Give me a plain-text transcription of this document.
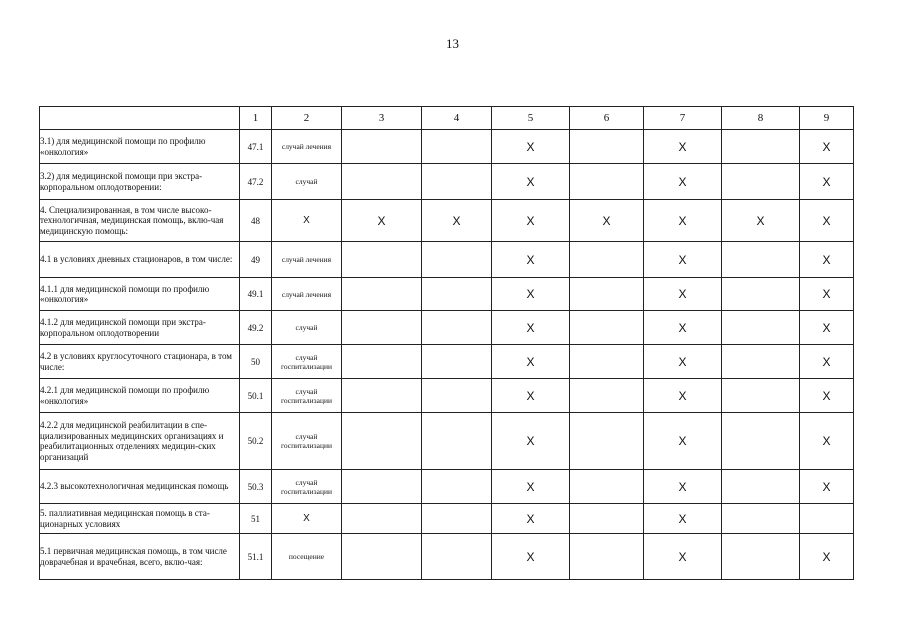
13
	1	2	3	4	5	6	7	8	9
3.1) для медицинской помощи по профилю «онкология»	47.1	случай лечения			X		X		X
3.2) для медицинской помощи при экстра-корпоральном оплодотворении:	47.2	случай			X		X		X
4. Специализированная, в том числе высоко-технологичная, медицинская помощь, вклю-чая медицинскую помощь:	48	X	X	X	X	X	X	X	X
4.1 в условиях дневных стационаров, в том числе:	49	случай лечения			X		X		X
4.1.1 для медицинской помощи по профилю «онкология»	49.1	случай лечения			X		X		X
4.1.2 для медицинской помощи при экстра-корпоральном оплодотворении	49.2	случай			X		X		X
4.2 в условиях круглосуточного стационара, в том числе:	50	случай госпитализации			X		X		X
4.2.1 для медицинской помощи по профилю «онкология»	50.1	случай госпитализации			X		X		X
4.2.2 для медицинской реабилитации в спе-циализированных медицинских организациях и реабилитационных отделениях медицин-ских организаций	50.2	случай госпитализации			X		X		X
4.2.3 высокотехнологичная медицинская помощь	50.3	случай госпитализации			X		X		X
5. паллиативная медицинская помощь в ста-ционарных условиях	51	X			X		X		
5.1 первичная медицинская помощь, в том числе доврачебная и врачебная, всего, вклю-чая:	51.1	посещение			X		X		X
